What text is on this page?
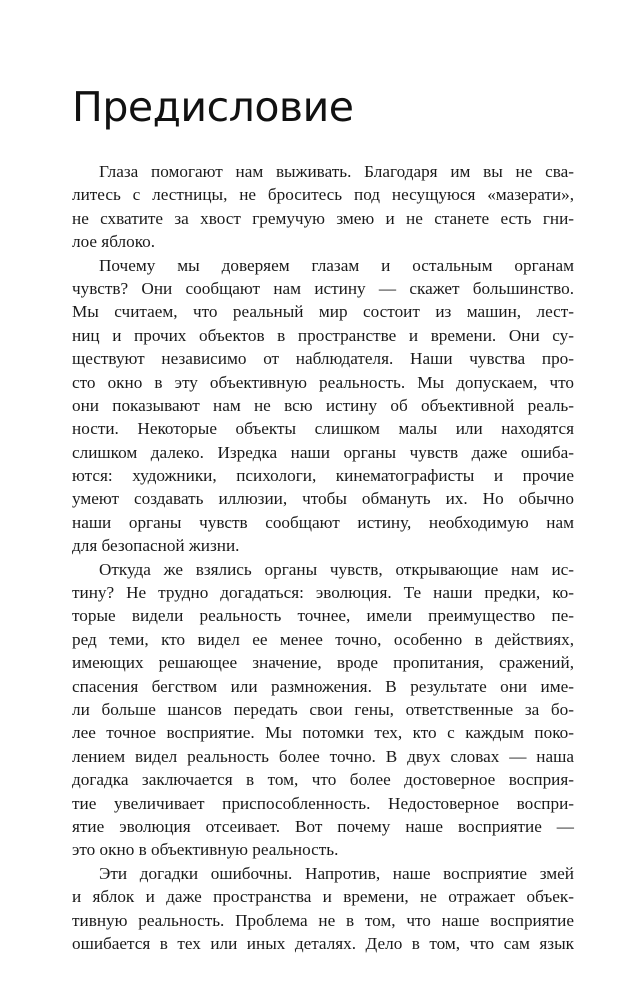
Предисловие
Глаза помогают нам выживать. Благодаря им вы не сва-
литесь с лестницы, не броситесь под несущуюся «мазерати»,
не схватите за хвост гремучую змею и не станете есть гни-
лое яблоко.
Почему мы доверяем глазам и остальным органам
чувств? Они сообщают нам истину — скажет большинство.
Мы считаем, что реальный мир состоит из машин, лест-
ниц и прочих объектов в пространстве и времени. Они су-
ществуют независимо от наблюдателя. Наши чувства про-
сто окно в эту объективную реальность. Мы допускаем, что
они показывают нам не всю истину об объективной реаль-
ности. Некоторые объекты слишком малы или находятся
слишком далеко. Изредка наши органы чувств даже ошиба-
ются: художники, психологи, кинематографисты и прочие
умеют создавать иллюзии, чтобы обмануть их. Но обычно
наши органы чувств сообщают истину, необходимую нам
для безопасной жизни.
Откуда же взялись органы чувств, открывающие нам ис-
тину? Не трудно догадаться: эволюция. Те наши предки, ко-
торые видели реальность точнее, имели преимущество пе-
ред теми, кто видел ее менее точно, особенно в действиях,
имеющих решающее значение, вроде пропитания, сражений,
спасения бегством или размножения. В результате они име-
ли больше шансов передать свои гены, ответственные за бо-
лее точное восприятие. Мы потомки тех, кто с каждым поко-
лением видел реальность более точно. В двух словах — наша
догадка заключается в том, что более достоверное восприя-
тие увеличивает приспособленность. Недостоверное воспри-
ятие эволюция отсеивает. Вот почему наше восприятие —
это окно в объективную реальность.
Эти догадки ошибочны. Напротив, наше восприятие змей
и яблок и даже пространства и времени, не отражает объек-
тивную реальность. Проблема не в том, что наше восприятие
ошибается в тех или иных деталях. Дело в том, что сам язык
